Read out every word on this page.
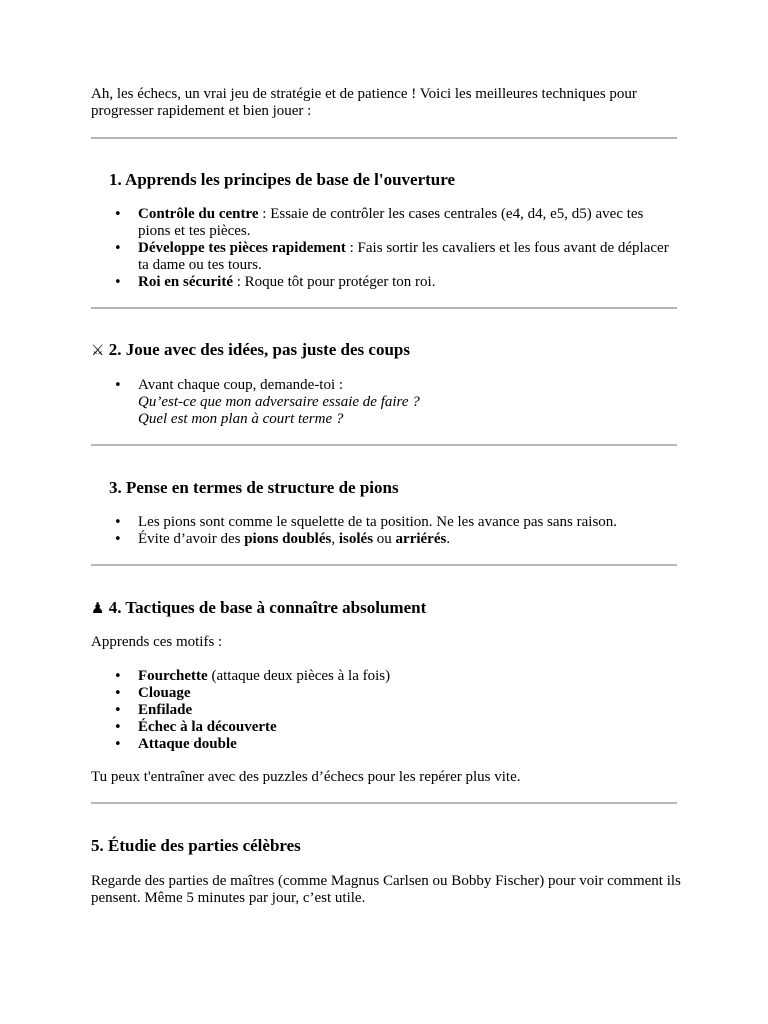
Ah, les échecs, un vrai jeu de stratégie et de patience ! Voici les meilleures techniques pour progresser rapidement et bien jouer :

1. Apprends les principes de base de l'ouverture
• Contrôle du centre : Essaie de contrôler les cases centrales (e4, d4, e5, d5) avec tes pions et tes pièces.
• Développe tes pièces rapidement : Fais sortir les cavaliers et les fous avant de déplacer ta dame ou tes tours.
• Roi en sécurité : Roque tôt pour protéger ton roi.
⚔ 2. Joue avec des idées, pas juste des coups
• Avant chaque coup, demande-toi :
Qu’est-ce que mon adversaire essaie de faire ?
Quel est mon plan à court terme ?
3. Pense en termes de structure de pions
• Les pions sont comme le squelette de ta position. Ne les avance pas sans raison.
• Évite d’avoir des pions doublés, isolés ou arriérés.
♟ 4. Tactiques de base à connaître absolument

Apprends ces motifs :

• Fourchette (attaque deux pièces à la fois)
• Clouage
• Enfilade
• Échec à la découverte
• Attaque double

Tu peux t'entraîner avec des puzzles d’échecs pour les repérer plus vite.

5. Étudie des parties célèbres

Regarde des parties de maîtres (comme Magnus Carlsen ou Bobby Fischer) pour voir comment ils pensent. Même 5 minutes par jour, c’est utile.
